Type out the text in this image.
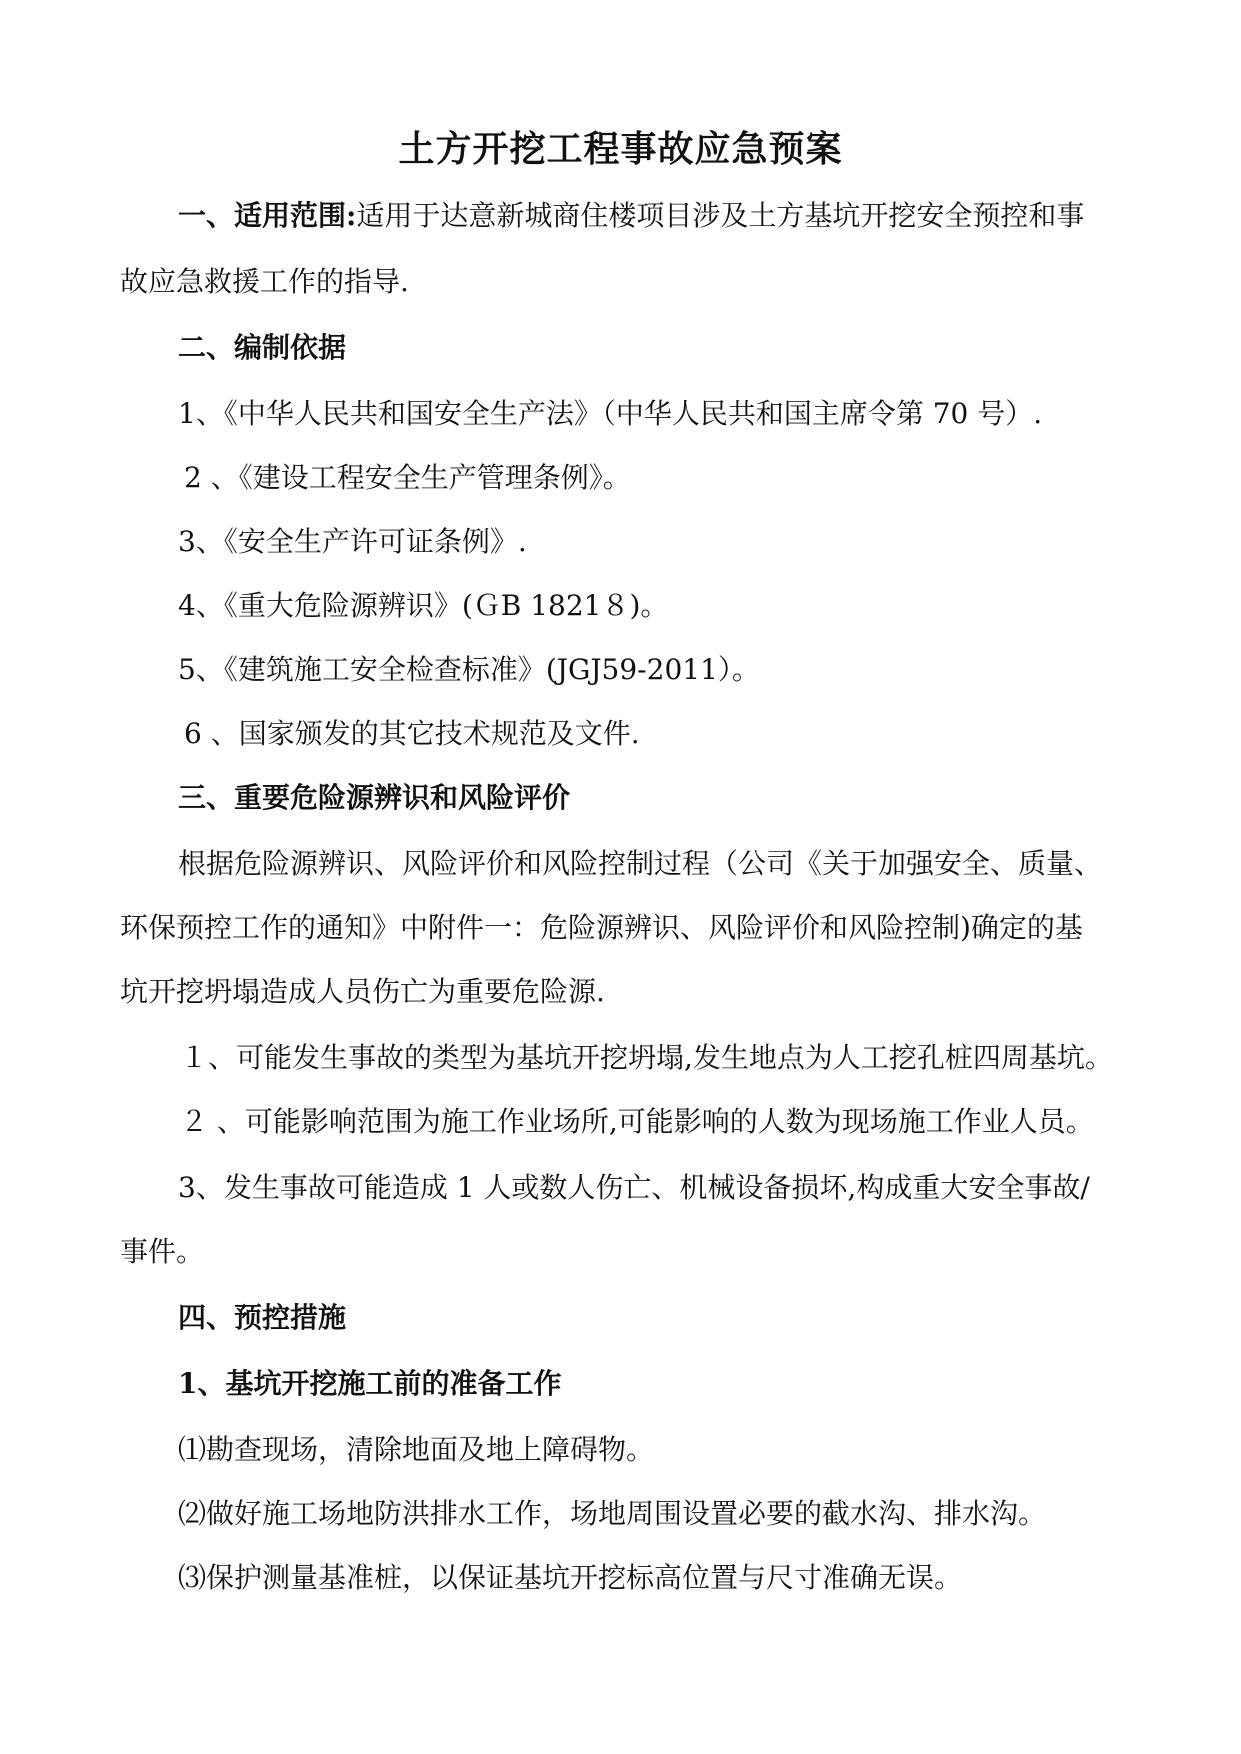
土方开挖工程事故应急预案
一、适用范围:适用于达意新城商住楼项目涉及土方基坑开挖安全预控和事
故应急救援工作的指导.
二、编制依据
1、《中华人民共和国安全生产法》（中华人民共和国主席令第 70 号）.
2 、《建设工程安全生产管理条例》。
3、《安全生产许可证条例》.
4、《重大危险源辨识》(ＧB 1821８)。
5、《建筑施工安全检查标准》(JGJ59-2011）。
6 、国家颁发的其它技术规范及文件.
三、重要危险源辨识和风险评价
根据危险源辨识、风险评价和风险控制过程（公司《关于加强安全、质量、
环保预控工作的通知》中附件一：危险源辨识、风险评价和风险控制)确定的基
坑开挖坍塌造成人员伤亡为重要危险源.
１、可能发生事故的类型为基坑开挖坍塌,发生地点为人工挖孔桩四周基坑。
２ 、可能影响范围为施工作业场所,可能影响的人数为现场施工作业人员。
3、发生事故可能造成 1 人或数人伤亡、机械设备损坏,构成重大安全事故/
事件。
四、预控措施
1、基坑开挖施工前的准备工作
⑴勘查现场，清除地面及地上障碍物。
⑵做好施工场地防洪排水工作，场地周围设置必要的截水沟、排水沟。
⑶保护测量基准桩，以保证基坑开挖标高位置与尺寸准确无误。
